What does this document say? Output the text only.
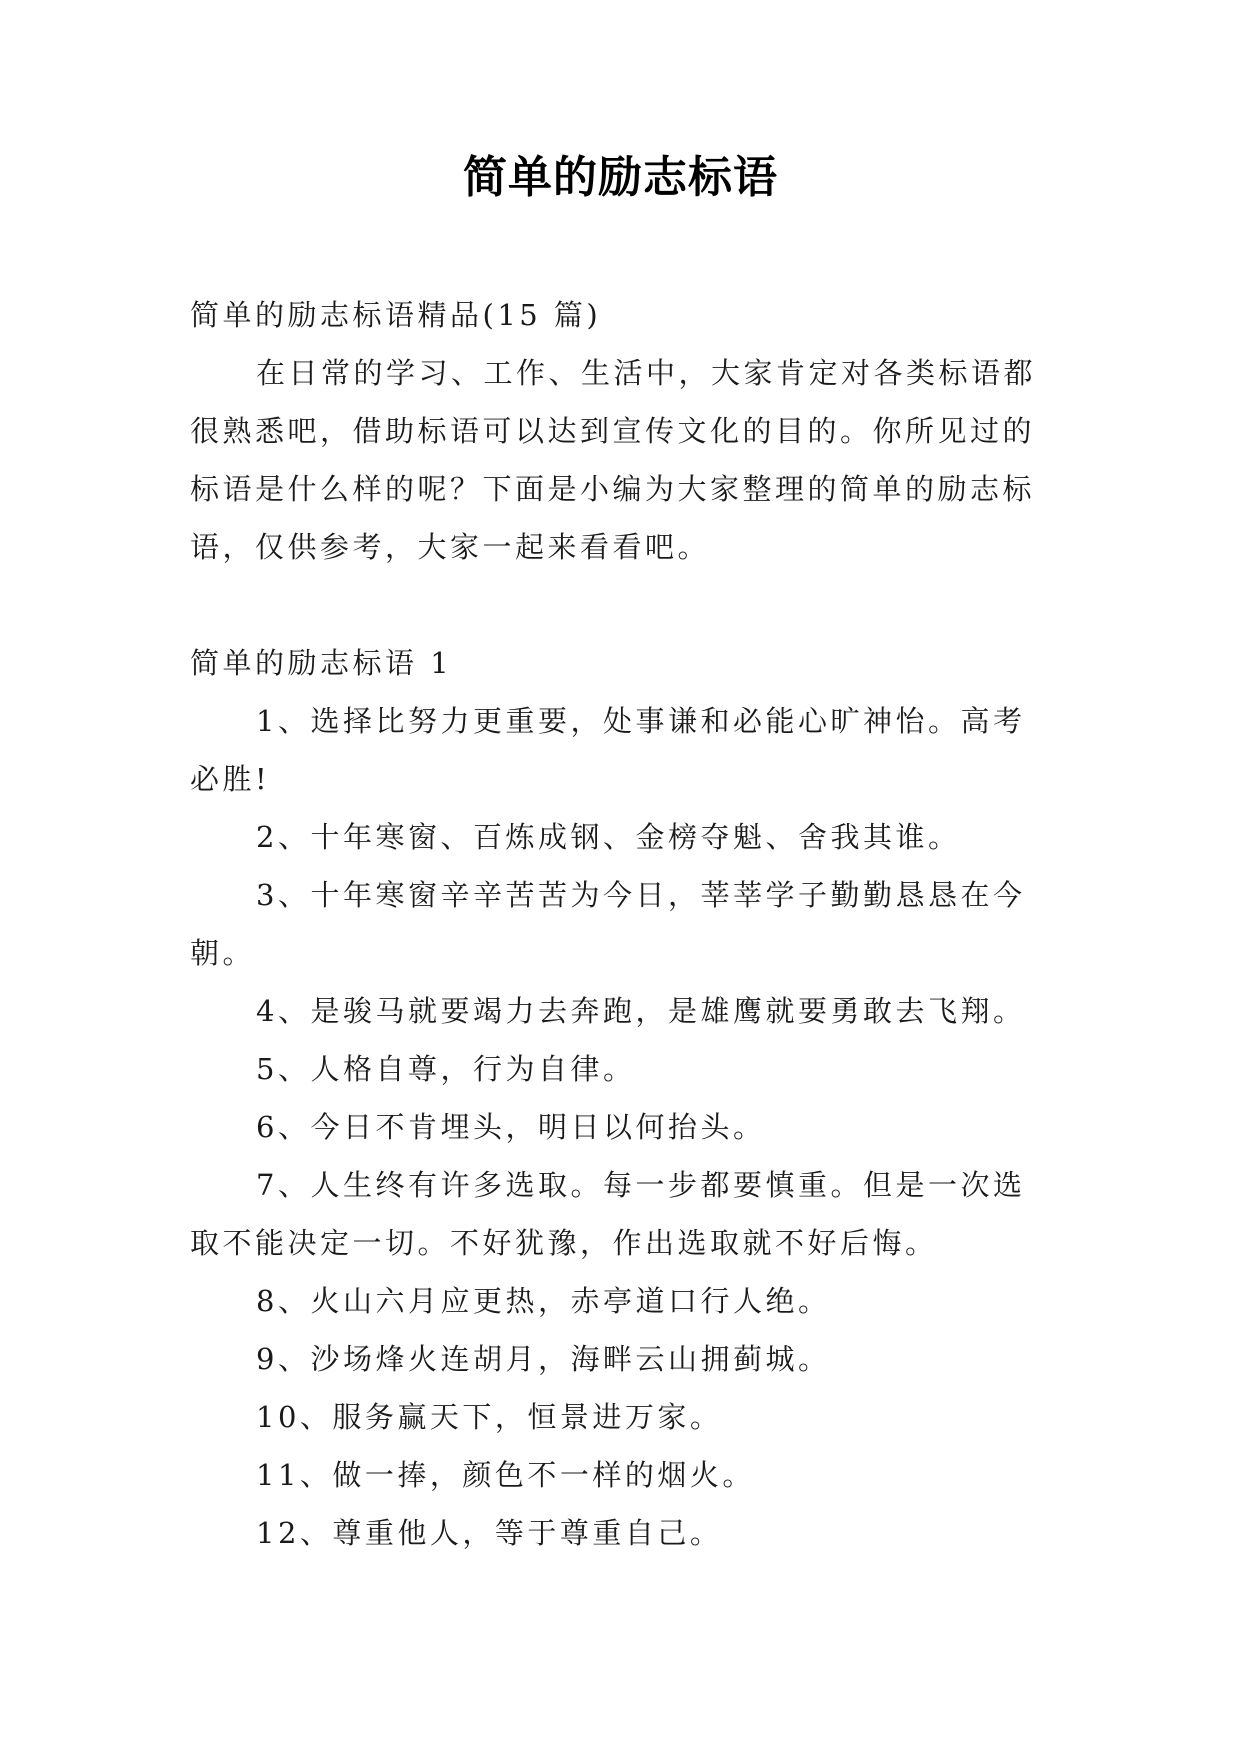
简单的励志标语

简单的励志标语精品(15 篇)

在日常的学习、工作、生活中，大家肯定对各类标语都很熟悉吧，借助标语可以达到宣传文化的目的。你所见过的标语是什么样的呢？下面是小编为大家整理的简单的励志标语，仅供参考，大家一起来看看吧。

简单的励志标语 1

1、选择比努力更重要，处事谦和必能心旷神怡。高考必胜!

2、十年寒窗、百炼成钢、金榜夺魁、舍我其谁。

3、十年寒窗辛辛苦苦为今日，莘莘学子勤勤恳恳在今朝。

4、是骏马就要竭力去奔跑，是雄鹰就要勇敢去飞翔。

5、人格自尊，行为自律。

6、今日不肯埋头，明日以何抬头。

7、人生终有许多选取。每一步都要慎重。但是一次选取不能决定一切。不好犹豫，作出选取就不好后悔。

8、火山六月应更热，赤亭道口行人绝。

9、沙场烽火连胡月，海畔云山拥蓟城。

10、服务赢天下，恒景进万家。

11、做一捧，颜色不一样的烟火。

12、尊重他人，等于尊重自己。
